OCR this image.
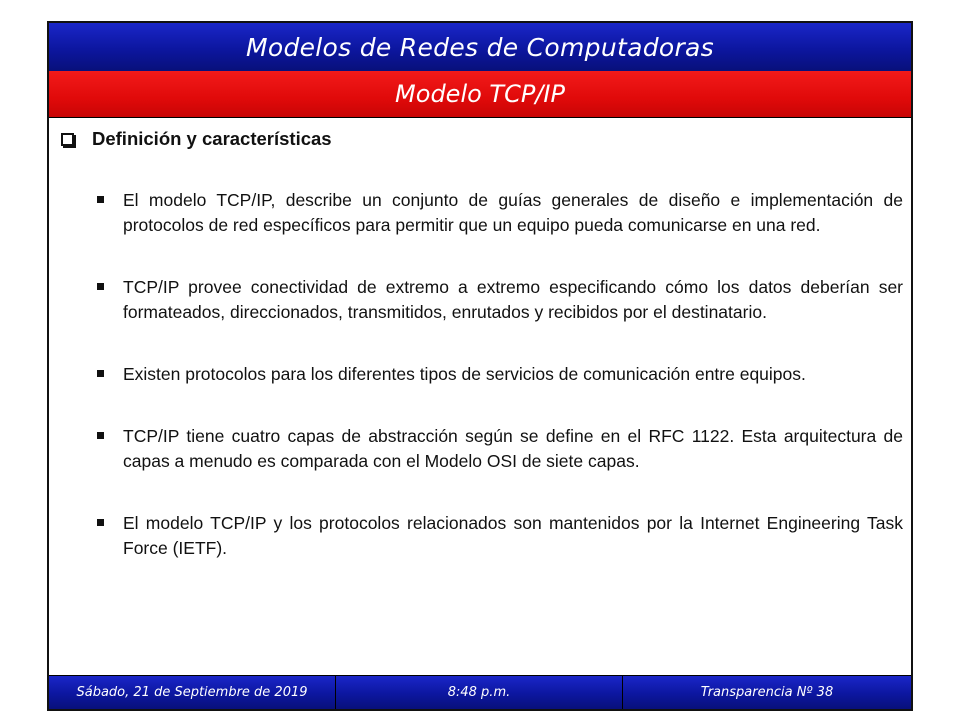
Modelos de Redes de Computadoras
Modelo TCP/IP
Definición y características
El modelo TCP/IP, describe un conjunto de guías generales de diseño e implementación de protocolos de red específicos para permitir que un equipo pueda comunicarse en una red.
TCP/IP provee conectividad de extremo a extremo especificando cómo los datos deberían ser formateados, direccionados, transmitidos, enrutados y recibidos por el destinatario.
Existen protocolos para los diferentes tipos de servicios de comunicación entre equipos.
TCP/IP tiene cuatro capas de abstracción según se define en el RFC 1122. Esta arquitectura de capas a menudo es comparada con el Modelo OSI de siete capas.
El modelo TCP/IP y los protocolos relacionados son mantenidos por la Internet Engineering Task Force (IETF).
Sábado, 21 de Septiembre de 2019	8:48 p.m.	Transparencia Nº 38
